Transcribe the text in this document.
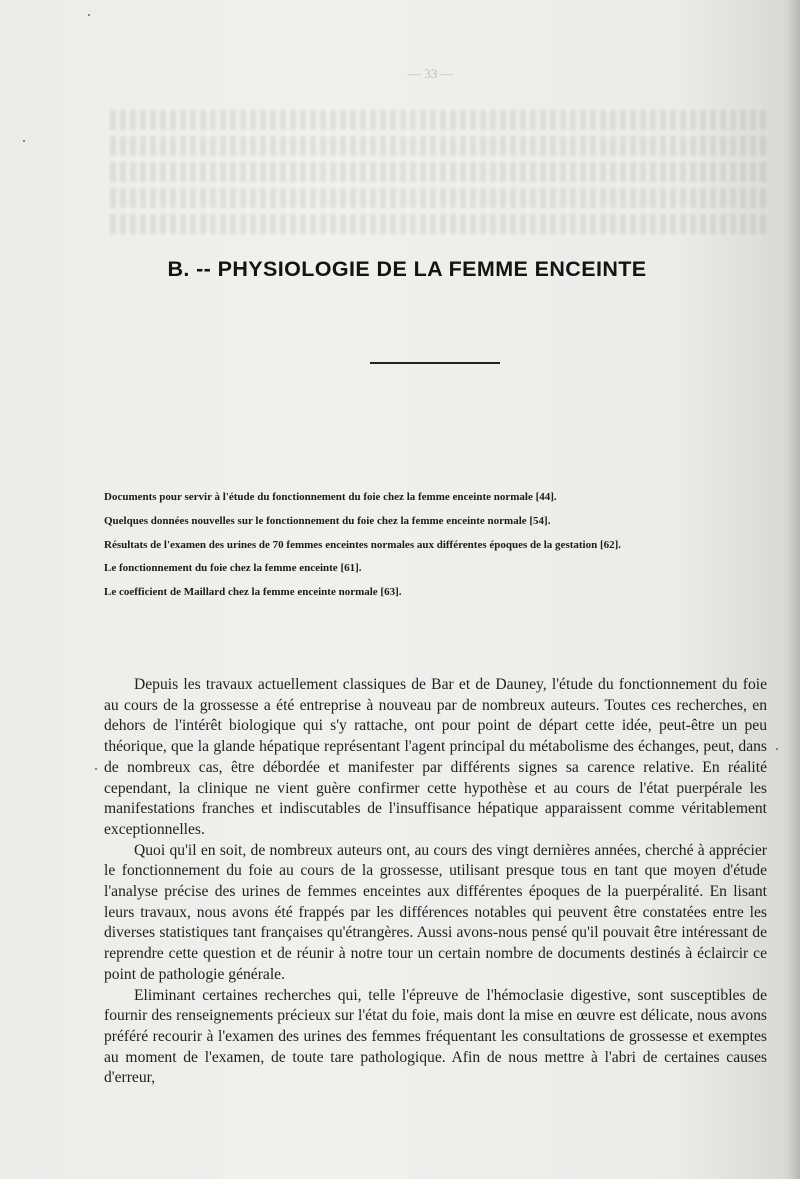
— 33 —
B. -- PHYSIOLOGIE DE LA FEMME ENCEINTE
Documents pour servir à l'étude du fonctionnement du foie chez la femme enceinte normale [44].
Quelques données nouvelles sur le fonctionnement du foie chez la femme enceinte normale [54].
Résultats de l'examen des urines de 70 femmes enceintes normales aux différentes époques de la gestation [62].
Le fonctionnement du foie chez la femme enceinte [61].
Le coefficient de Maillard chez la femme enceinte normale [63].

Depuis les travaux actuellement classiques de Bar et de Dauney, l'étude du fonctionnement du foie au cours de la grossesse a été entreprise à nouveau par de nombreux auteurs. Toutes ces recherches, en dehors de l'intérêt biologique qui s'y rattache, ont pour point de départ cette idée, peut-être un peu théorique, que la glande hépatique représentant l'agent principal du métabolisme des échanges, peut, dans de nombreux cas, être débordée et manifester par différents signes sa carence relative. En réalité cependant, la clinique ne vient guère confirmer cette hypothèse et au cours de l'état puerpérale les manifestations franches et indiscutables de l'insuffisance hépatique apparaissent comme véritablement exceptionnelles.

Quoi qu'il en soit, de nombreux auteurs ont, au cours des vingt dernières années, cherché à apprécier le fonctionnement du foie au cours de la grossesse, utilisant presque tous en tant que moyen d'étude l'analyse précise des urines de femmes enceintes aux différentes époques de la puerpéralité. En lisant leurs travaux, nous avons été frappés par les différences notables qui peuvent être constatées entre les diverses statistiques tant françaises qu'étrangères. Aussi avons-nous pensé qu'il pouvait être intéressant de reprendre cette question et de réunir à notre tour un certain nombre de documents destinés à éclaircir ce point de pathologie générale.

Eliminant certaines recherches qui, telle l'épreuve de l'hémoclasie digestive, sont susceptibles de fournir des renseignements précieux sur l'état du foie, mais dont la mise en œuvre est délicate, nous avons préféré recourir à l'examen des urines des femmes fréquentant les consultations de grossesse et exemptes au moment de l'examen, de toute tare pathologique. Afin de nous mettre à l'abri de certaines causes d'erreur,
